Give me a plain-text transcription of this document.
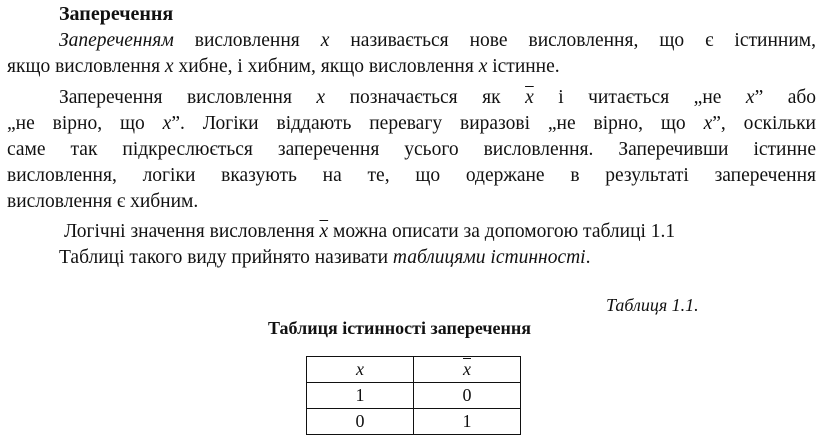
Заперечення
Запереченням висловлення x називається нове висловлення, що є істинним,
якщо висловлення x хибне, і хибним, якщо висловлення x істинне.
Заперечення висловлення x позначається як $\overline{x}$ і читається „не x” або
„не вірно, що x”. Логіки віддають перевагу виразові „не вірно, що x”, оскільки
саме так підкреслюється заперечення усього висловлення. Заперечивши істинне
висловлення, логіки вказують на те, що одержане в результаті заперечення
висловлення є хибним.
Логічні значення висловлення $\overline{x}$ можна описати за допомогою таблиці 1.1
Таблиці такого виду прийнято називати таблицями істинності.
Таблиця 1.1.
Таблиця істинності заперечення
x	$\overline{x}$
1	0
0	1
